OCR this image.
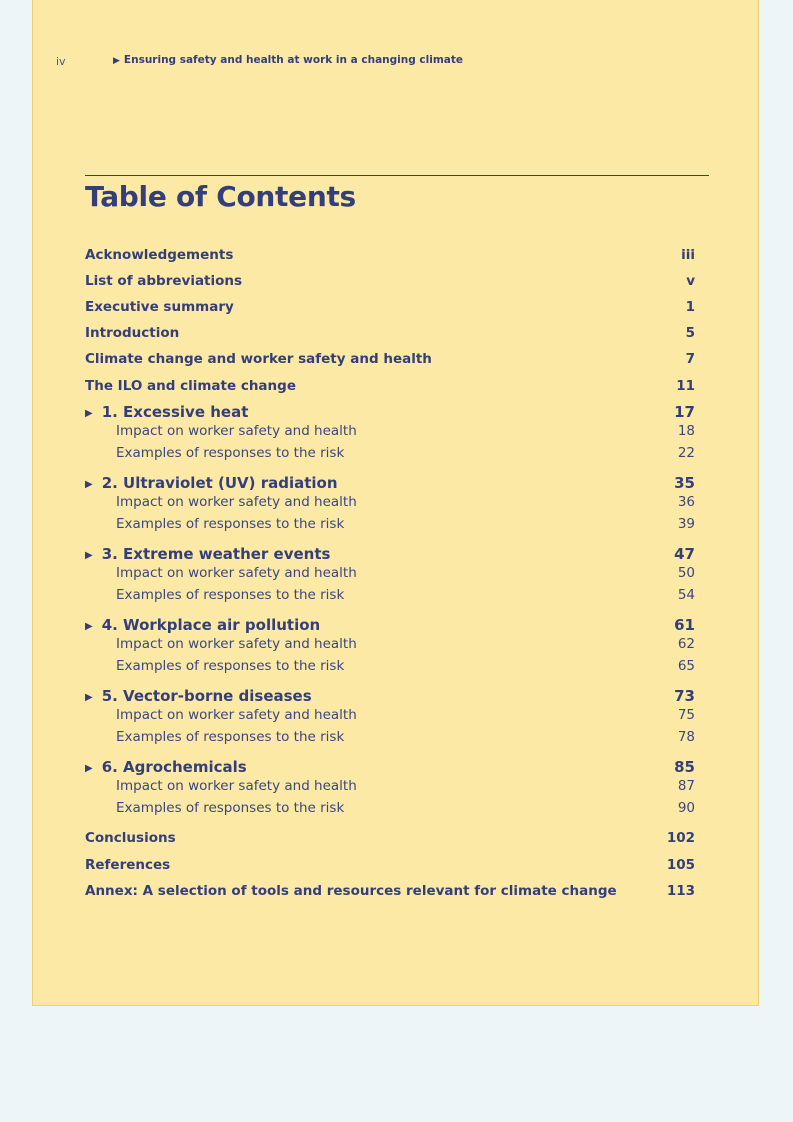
iv	▶ Ensuring safety and health at work in a changing climate
Table of Contents
Acknowledgements	iii
List of abbreviations	v
Executive summary	1
Introduction	5
Climate change and worker safety and health	7
The ILO and climate change	11
▶ 1. Excessive heat	17
Impact on worker safety and health	18
Examples of responses to the risk	22
▶ 2. Ultraviolet (UV) radiation	35
Impact on worker safety and health	36
Examples of responses to the risk	39
▶ 3. Extreme weather events	47
Impact on worker safety and health	50
Examples of responses to the risk	54
▶ 4. Workplace air pollution	61
Impact on worker safety and health	62
Examples of responses to the risk	65
▶ 5. Vector-borne diseases	73
Impact on worker safety and health	75
Examples of responses to the risk	78
▶ 6. Agrochemicals	85
Impact on worker safety and health	87
Examples of responses to the risk	90
Conclusions	102
References	105
Annex: A selection of tools and resources relevant for climate change	113
